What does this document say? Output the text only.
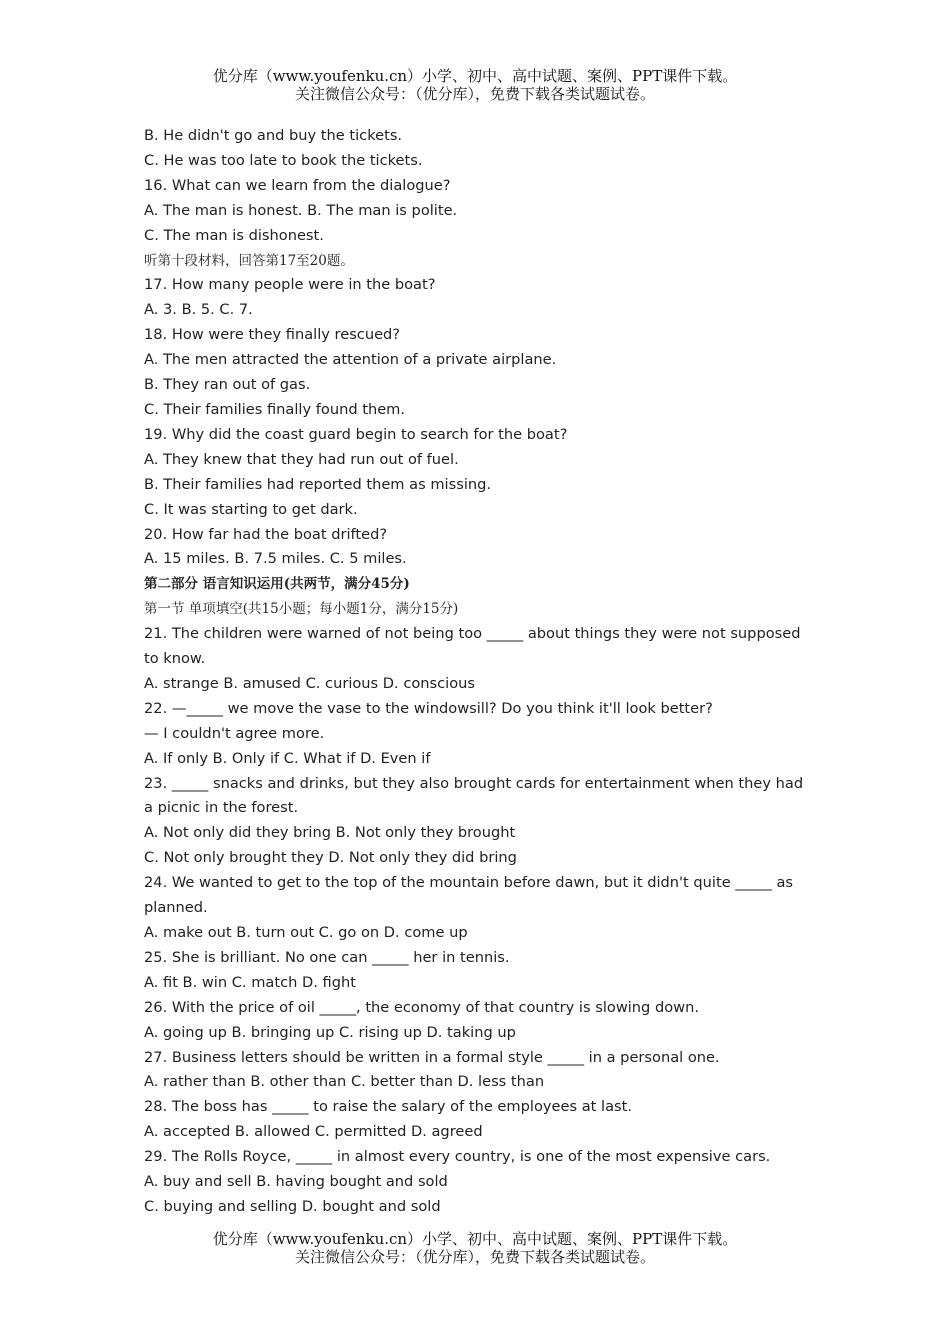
优分库（www.youfenku.cn）小学、初中、高中试题、案例、PPT课件下载。
关注微信公众号：（优分库），免费下载各类试题试卷。

B. He didn't go and buy the tickets.

C. He was too late to book the tickets.

16. What can we learn from the dialogue?

A. The man is honest. B. The man is polite.

C. The man is dishonest.

听第十段材料，回答第17至20题。

17. How many people were in the boat?

A. 3. B. 5. C. 7.

18. How were they finally rescued?

A. The men attracted the attention of a private airplane.

B. They ran out of gas.

C. Their families finally found them.

19. Why did the coast guard begin to search for the boat?

A. They knew that they had run out of fuel.

B. Their families had reported them as missing.

C. It was starting to get dark.

20. How far had the boat drifted?

A. 15 miles. B. 7.5 miles. C. 5 miles.

第二部分 语言知识运用(共两节，满分45分)

第一节 单项填空(共15小题；每小题1分，满分15分)

21. The children were warned of not being too _____ about things they were not supposed to know.

A. strange B. amused C. curious D. conscious

22. —_____ we move the vase to the windowsill? Do you think it'll look better?

— I couldn't agree more.

A. If only B. Only if C. What if D. Even if

23. _____ snacks and drinks, but they also brought cards for entertainment when they had a picnic in the forest.

A. Not only did they bring B. Not only they brought

C. Not only brought they D. Not only they did bring

24. We wanted to get to the top of the mountain before dawn, but it didn't quite _____ as planned.

A. make out B. turn out C. go on D. come up

25. She is brilliant. No one can _____ her in tennis.

A. fit B. win C. match D. fight

26. With the price of oil _____, the economy of that country is slowing down.

A. going up B. bringing up C. rising up D. taking up

27. Business letters should be written in a formal style _____ in a personal one.

A. rather than B. other than C. better than D. less than

28. The boss has _____ to raise the salary of the employees at last.

A. accepted B. allowed C. permitted D. agreed

29. The Rolls Royce, _____ in almost every country, is one of the most expensive cars.

A. buy and sell B. having bought and sold

C. buying and selling D. bought and sold

优分库（www.youfenku.cn）小学、初中、高中试题、案例、PPT课件下载。
关注微信公众号：（优分库），免费下载各类试题试卷。
